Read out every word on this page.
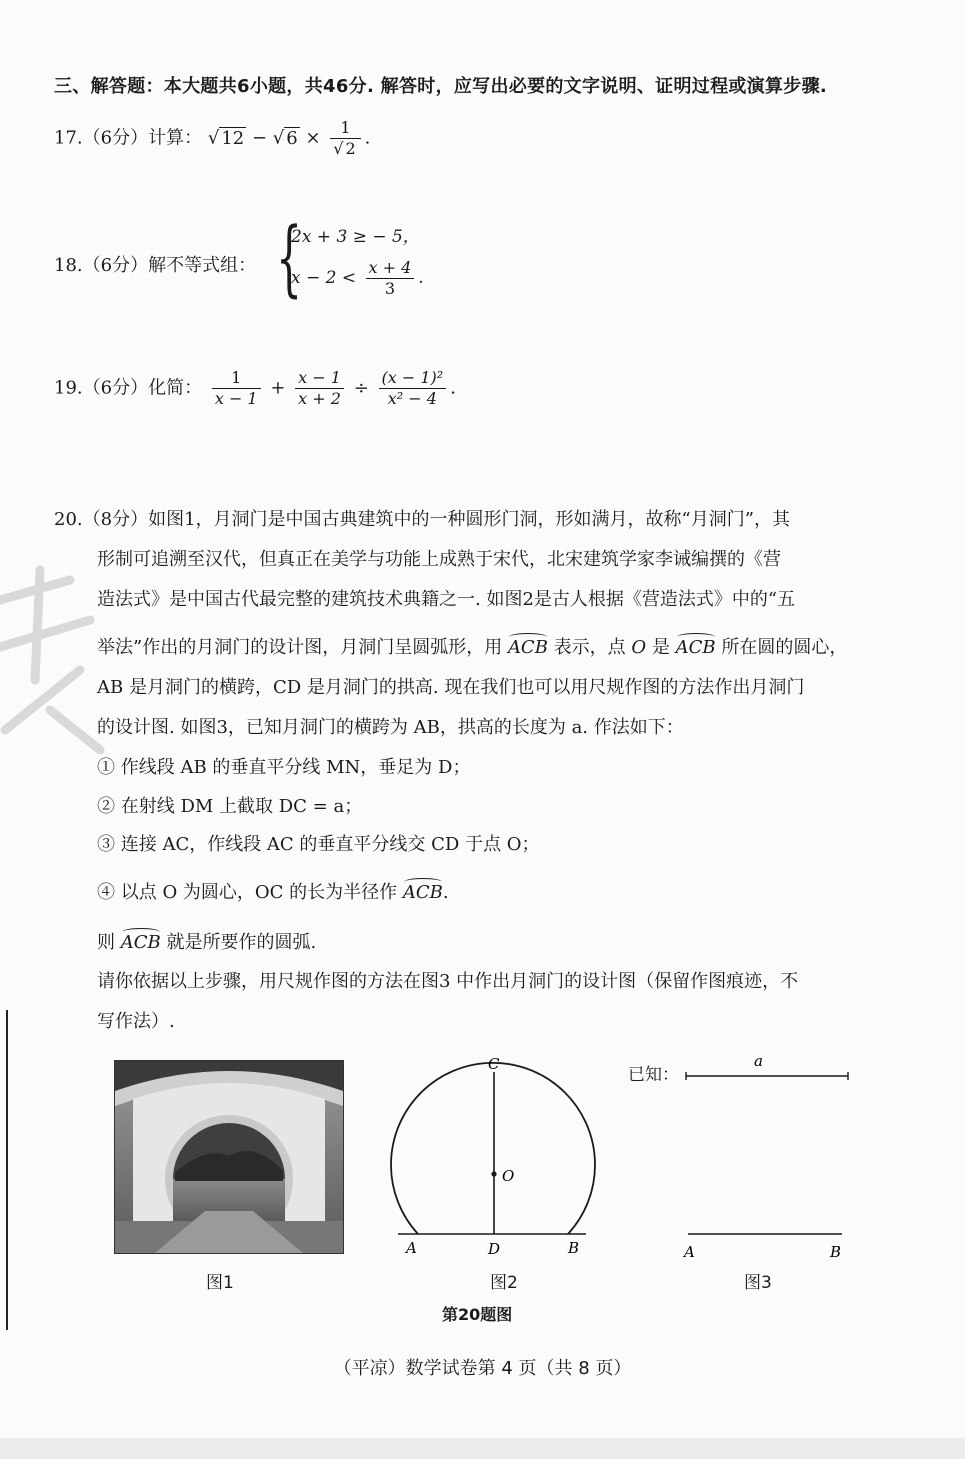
三、解答题：本大题共6小题，共46分. 解答时，应写出必要的文字说明、证明过程或演算步骤.
17.（6分）计算： √ 12 − √ $6 \times \frac{1}{√ 2}$ .
18.（6分）解不等式组： {
2x + 3 ≥ − 5，
$x - 2 < \frac{x + 4}{3}$ .
19.（6分）化简： $\frac{1}{x - 1} + \frac{x - 1}{x + 2} \div \frac{\text{(x − 1)²}}{\text{x² − 4}}$ .
20.（8分）如图1，月洞门是中国古典建筑中的一种圆形门洞，形如满月，故称“月洞门”，其
形制可追溯至汉代，但真正在美学与功能上成熟于宋代，北宋建筑学家李诫编撰的《营
造法式》是中国古代最完整的建筑技术典籍之一. 如图2是古人根据《营造法式》中的“五
举法”作出的月洞门的设计图，月洞门呈圆弧形，用 ACB 表示，点 O 是 ACB 所在圆的圆心，
AB 是月洞门的横跨，CD 是月洞门的拱高. 现在我们也可以用尺规作图的方法作出月洞门
的设计图. 如图3，已知月洞门的横跨为 AB，拱高的长度为 a. 作法如下：
① 作线段 AB 的垂直平分线 MN，垂足为 D；
② 在射线 DM 上截取 DC = a；
③ 连接 AC，作线段 AC 的垂直平分线交 CD 于点 O；
④ 以点 O 为圆心，OC 的长为半径作 ACB.
则 ACB 就是所要作的圆弧.
请你依据以上步骤，用尺规作图的方法在图3 中作出月洞门的设计图（保留作图痕迹，不
写作法）.
图1
C
O
A	D	B
图2
已知：
a
A	B
图3
第20题图
（平凉）数学试卷第 4 页（共 8 页）
